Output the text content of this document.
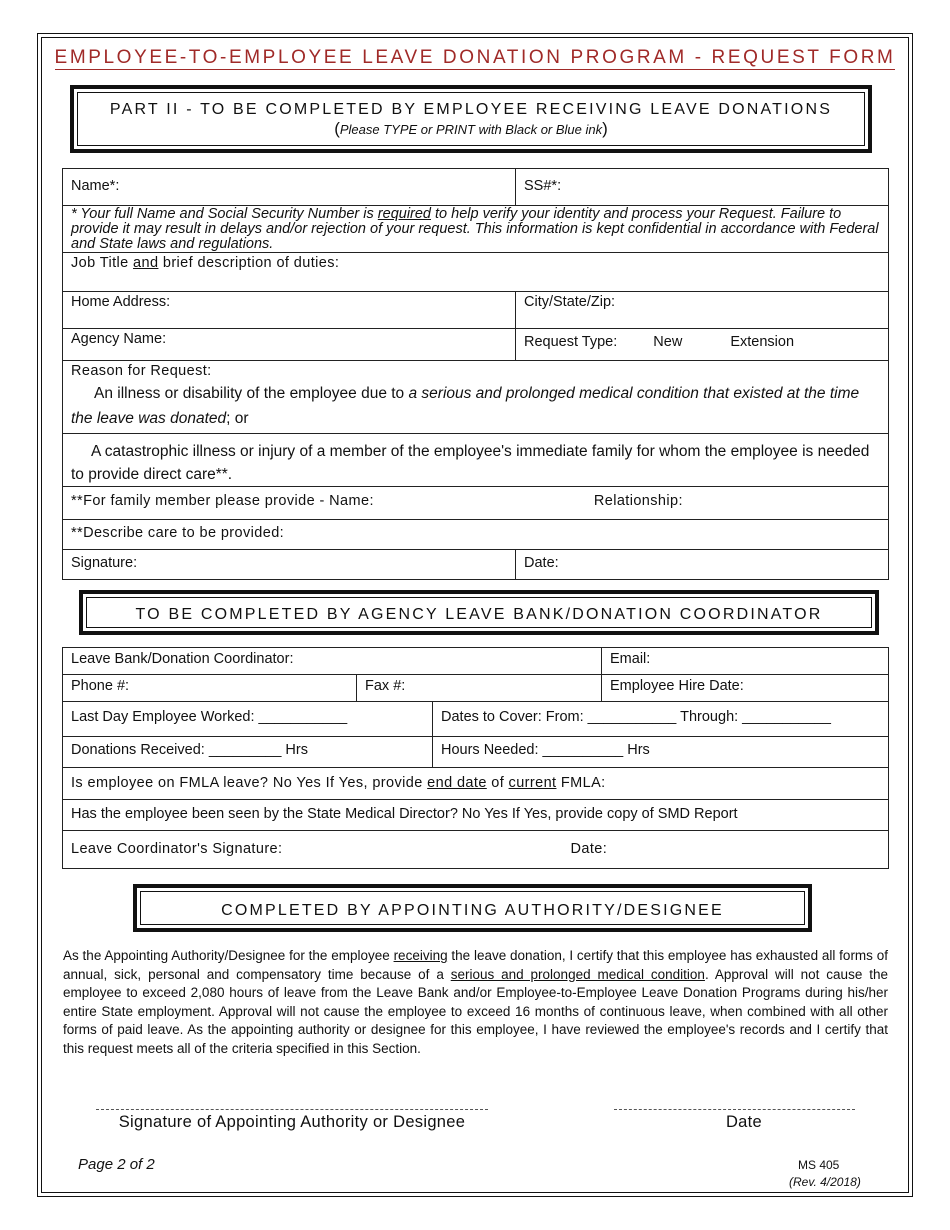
EMPLOYEE-TO-EMPLOYEE LEAVE DONATION PROGRAM - REQUEST FORM
PART II - TO BE COMPLETED BY EMPLOYEE RECEIVING LEAVE DONATIONS
(Please TYPE or PRINT with Black or Blue ink)
Name*:	SS#*:
* Your full Name and Social Security Number is required to help verify your identity and process your Request. Failure to provide it may result in delays and/or rejection of your request. This information is kept confidential in accordance with Federal and State laws and regulations.	
Job Title and brief description of duties:	
Home Address:	City/State/Zip:
Agency Name:	Request Type: New Extension

Reason for Request:
An illness or disability of the employee due to a serious and prolonged medical condition that existed at the time the leave was donated; or	

A catastrophic illness or injury of a member of the employee's immediate family for whom the employee is needed to provide direct care**.	

**For family member please provide - Name: Relationship:	

**Describe care to be provided:	
Signature:	Date:
TO BE COMPLETED BY AGENCY LEAVE BANK/DONATION COORDINATOR
Leave Bank/Donation Coordinator:			Email:
Phone #:	Fax #:		Employee Hire Date:
Last Day Employee Worked: ___________		Dates to Cover: From: ___________ Through: ___________	
Donations Received: _________ Hrs		Hours Needed: __________ Hrs	
Is employee on FMLA leave? No Yes If Yes, provide end date of current FMLA:			
Has the employee been seen by the State Medical Director? No Yes If Yes, provide copy of SMD Report			
Leave Coordinator's Signature: Date:			
COMPLETED BY APPOINTING AUTHORITY/DESIGNEE
As the Appointing Authority/Designee for the employee receiving the leave donation, I certify that this employee has exhausted all forms of annual, sick, personal and compensatory time because of a serious and prolonged medical condition. Approval will not cause the employee to exceed 2,080 hours of leave from the Leave Bank and/or Employee-to-Employee Leave Donation Programs during his/her entire State employment. Approval will not cause the employee to exceed 16 months of continuous leave, when combined with all other forms of paid leave. As the appointing authority or designee for this employee, I have reviewed the employee's records and I certify that this request meets all of the criteria specified in this Section.
Signature of Appointing Authority or Designee	Date
Page 2 of 2	MS 405
(Rev. 4/2018)
